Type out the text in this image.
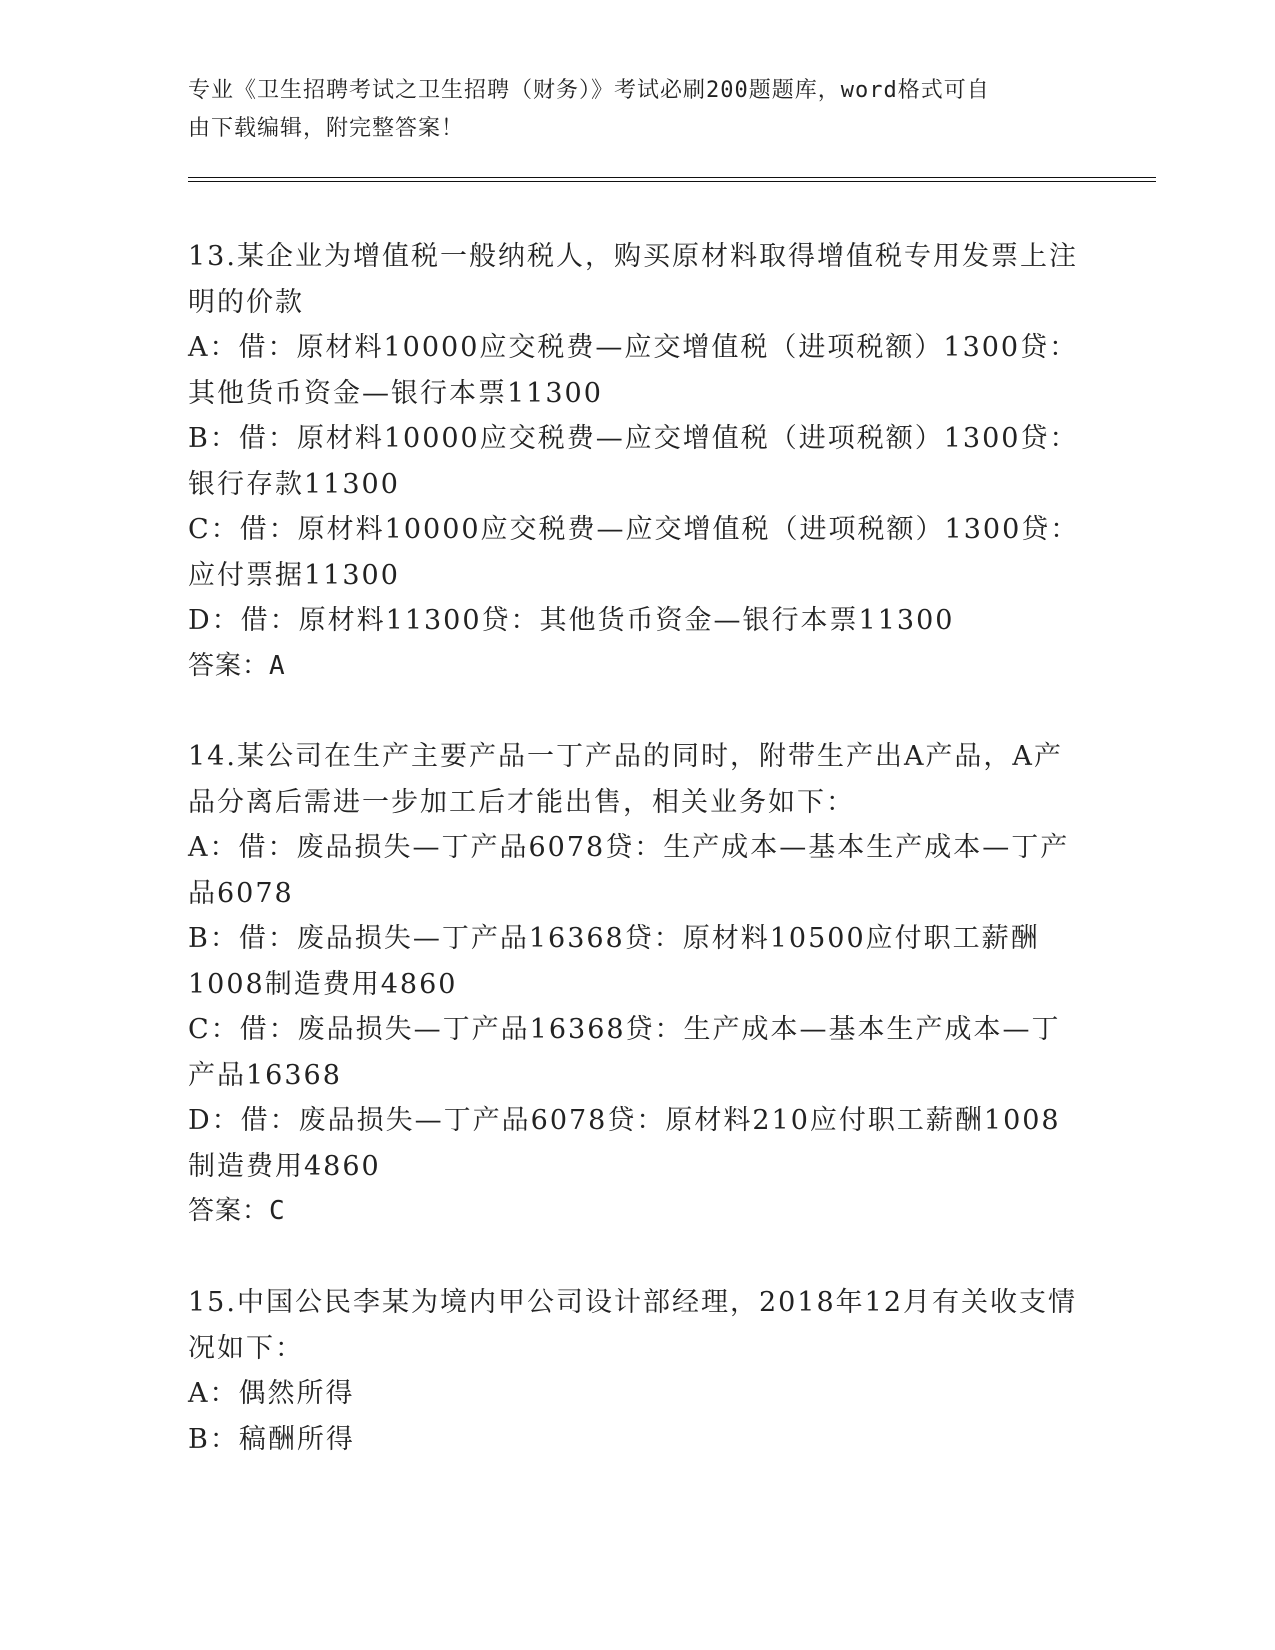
专业《卫生招聘考试之卫生招聘（财务）》考试必刷200题题库，word格式可自
由下载编辑，附完整答案！

13.某企业为增值税一般纳税人，购买原材料取得增值税专用发票上注明的价款

A：借：原材料10000应交税费—应交增值税（进项税额）1300贷：其他货币资金—银行本票11300

B：借：原材料10000应交税费—应交增值税（进项税额）1300贷：银行存款11300

C：借：原材料10000应交税费—应交增值税（进项税额）1300贷：应付票据11300

D：借：原材料11300贷：其他货币资金—银行本票11300

答案：A

14.某公司在生产主要产品一丁产品的同时，附带生产出A产品，A产品分离后需进一步加工后才能出售，相关业务如下：

A：借：废品损失—丁产品6078贷：生产成本—基本生产成本—丁产品6078

B：借：废品损失—丁产品16368贷：原材料10500应付职工薪酬1008制造费用4860

C：借：废品损失—丁产品16368贷：生产成本—基本生产成本—丁产品16368

D：借：废品损失—丁产品6078贷：原材料210应付职工薪酬1008制造费用4860

答案：C

15.中国公民李某为境内甲公司设计部经理，2018年12月有关收支情况如下：

A：偶然所得

B：稿酬所得
